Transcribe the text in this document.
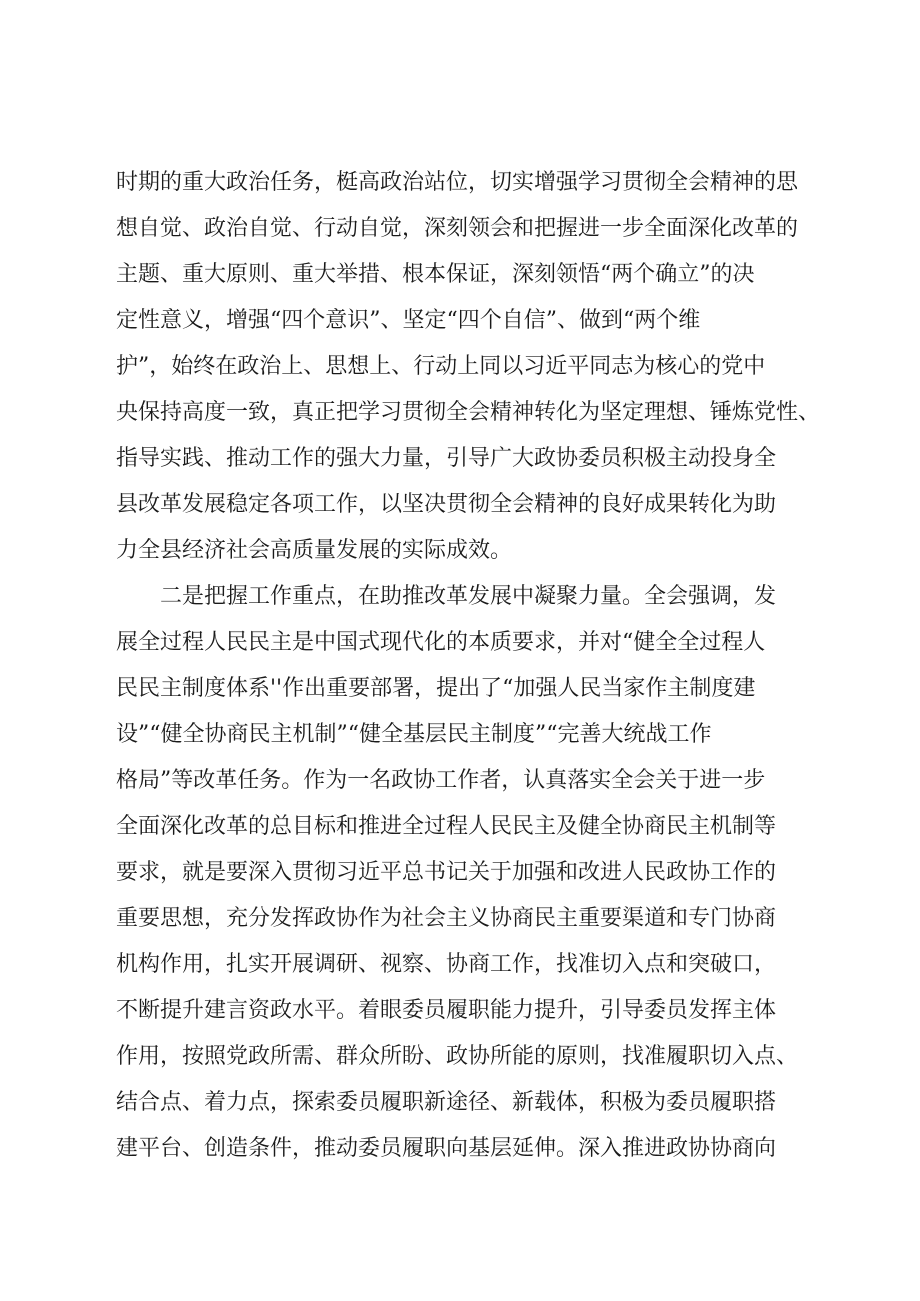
时期的重大政治任务，梃高政治站位，切实增强学习贯彻全会精神的思
想自觉、政治自觉、行动自觉，深刻领会和把握进一步全面深化改革的
主题、重大原则、重大举措、根本保证，深刻领悟“两个确立”的决
定性意义，增强“四个意识”、坚定“四个自信”、做到“两个维
护”，始终在政治上、思想上、行动上同以习近平同志为核心的党中
央保持高度一致，真正把学习贯彻全会精神转化为坚定理想、锤炼党性、
指导实践、推动工作的强大力量，引导广大政协委员积极主动投身全
县改革发展稳定各项工作，以坚决贯彻全会精神的良好成果转化为助
力全县经济社会高质量发展的实际成效。
二是把握工作重点，在助推改革发展中凝聚力量。全会强调，发
展全过程人民民主是中国式现代化的本质要求，并对“健全全过程人
民民主制度体系''作出重要部署，提出了“加强人民当家作主制度建
设”“健全协商民主机制”“健全基层民主制度”“完善大统战工作
格局”等改革任务。作为一名政协工作者，认真落实全会关于进一步
全面深化改革的总目标和推进全过程人民民主及健全协商民主机制等
要求，就是要深入贯彻习近平总书记关于加强和改进人民政协工作的
重要思想，充分发挥政协作为社会主义协商民主重要渠道和专门协商
机构作用，扎实开展调研、视察、协商工作，找准切入点和突破口，
不断提升建言资政水平。着眼委员履职能力提升，引导委员发挥主体
作用，按照党政所需、群众所盼、政协所能的原则，找准履职切入点、
结合点、着力点，探索委员履职新途径、新载体，积极为委员履职搭
建平台、创造条件，推动委员履职向基层延伸。深入推进政协协商向
